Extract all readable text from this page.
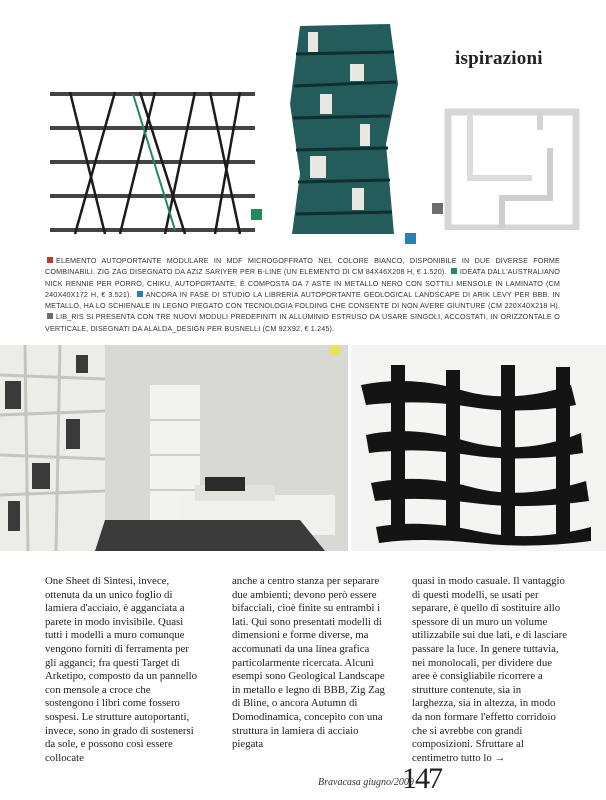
ispirazioni
ELEMENTO AUTOPORTANTE MODULARE IN MDF MICROGOFFRATO NEL COLORE BIANCO, DISPONIBILE IN DUE DIVERSE FORME COMBINABILI. ZIG ZAG DISEGNATO DA AZIZ SARIYER PER B-LINE (UN ELEMENTO DI CM 84X46X208 H, € 1.520). IDEATA DALL'AUSTRALIANO NICK RENNIE PER PORRO, CHIKU, AUTOPORTANTE, È COMPOSTA DA 7 ASTE IN METALLO NERO CON SOTTILI MENSOLE IN LAMINATO (CM 240X40X172 H, € 3.521). ANCORA IN FASE DI STUDIO LA LIBRERIA AUTOPORTANTE GEOLOGICAL LANDSCAPE DI ARIK LEVY PER BBB. IN METALLO, HA LO SCHIENALE IN LEGNO PIEGATO CON TECNOLOGIA FOLDING CHE CONSENTE DI NON AVERE GIUNTURE (CM 220X40X218 H). LIB_RIS SI PRESENTA CON TRE NUOVI MODULI PREDEFINITI IN ALLUMINIO ESTRUSO DA USARE SINGOLI, ACCOSTATI, IN ORIZZONTALE O VERTICALE, DISEGNATI DA ALALDA_DESIGN PER BUSNELLI (CM 92X92, € 1.245).

One Sheet di Sintesi, invece, ottenuta da un unico foglio di lamiera d'acciaio, è agganciata a parete in modo invisibile. Quasi tutti i modelli a muro comunque vengono forniti di ferramenta per gli agganci; fra questi Target di Arketipo, composto da un pannello con mensole a croce che sostengono i libri come fossero sospesi. Le strutture autoportanti, invece, sono in grado di sostenersi da sole, e possono così essere collocate

anche a centro stanza per separare due ambienti; devono però essere bifacciali, cioè finite su entrambi i lati. Qui sono presentati modelli di dimensioni e forme diverse, ma accomunati da una linea grafica particolarmente ricercata. Alcuni esempi sono Geological Landscape in metallo e legno di BBB, Zig Zag di Bline, o ancora Autumn di Domodinamica, concepito con una struttura in lamiera di acciaio piegata

quasi in modo casuale. Il vantaggio di questi modelli, se usati per separare, è quello di sostituire allo spessore di un muro un volume utilizzabile sui due lati, e di lasciare passare la luce. In genere tuttavia, nei monolocali, per dividere due aree è consigliabile ricorrere a strutture contenute, sia in larghezza, sia in altezza, in modo da non formare l'effetto corridoio che si avrebbe con grandi composizioni. Sfruttare al centimetro tutto lo →

Bravacasa giugno/2009
147
